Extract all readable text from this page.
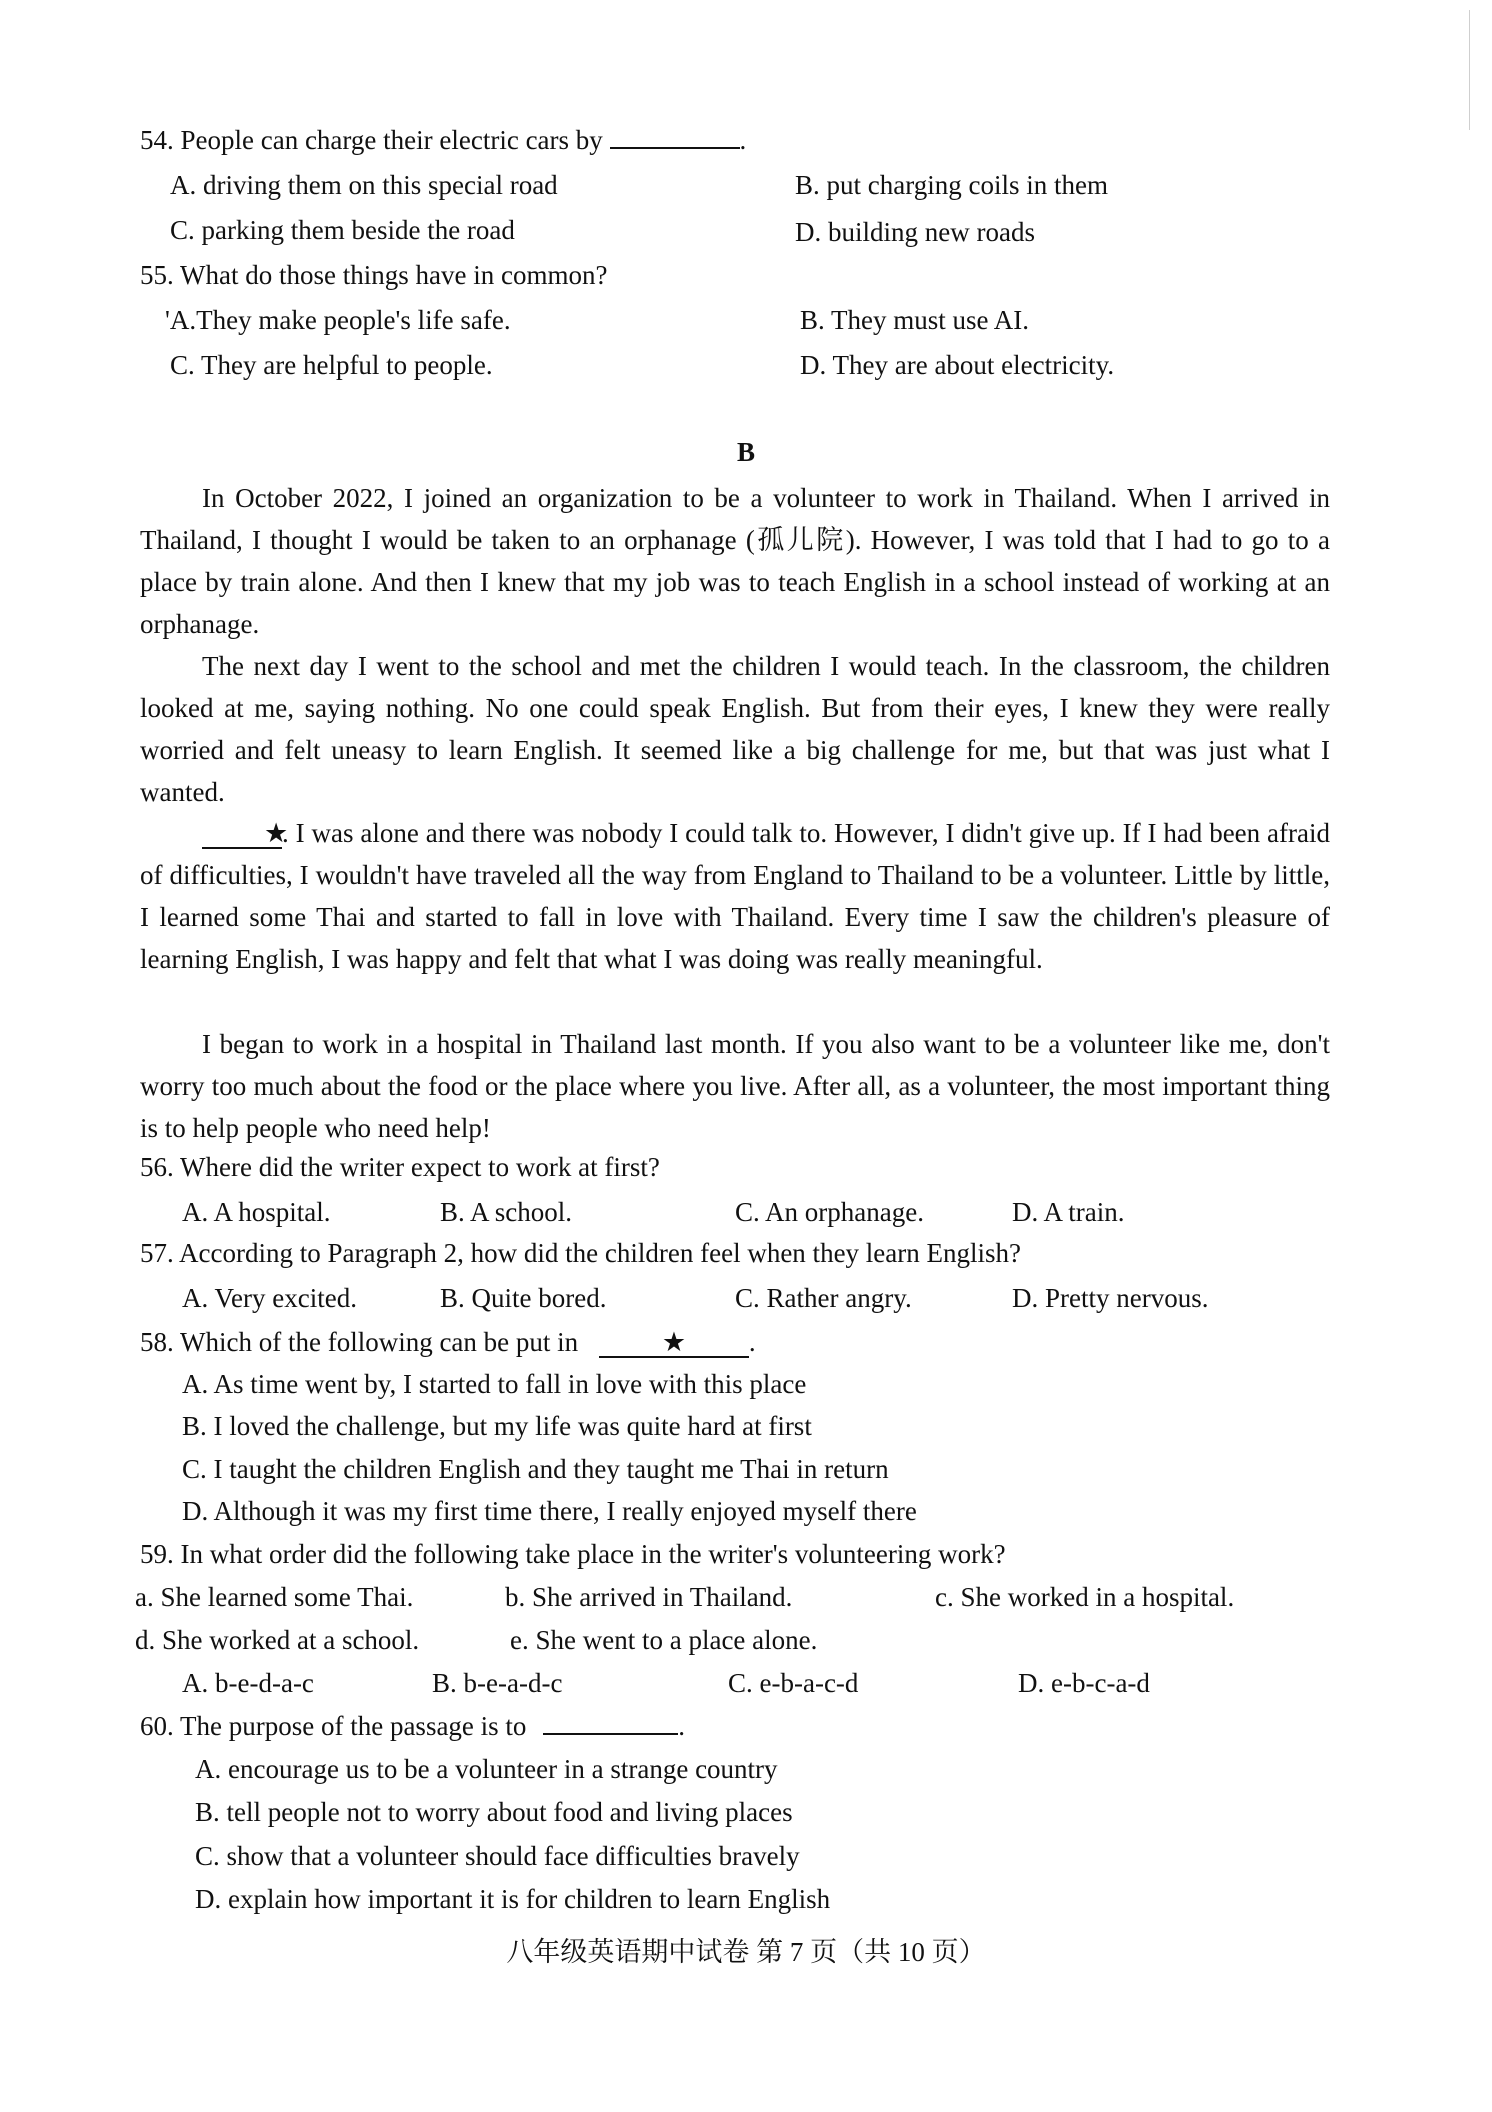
54. People can charge their electric cars by	.
A. driving them on this special road	B. put charging coils in them
C. parking them beside the road	D. building new roads
55. What do those things have in common?
'A.They make people's life safe.	B. They must use AI.
C. They are helpful to people.	D. They are about electricity.
B
In October 2022, I joined an organization to be a volunteer to work in Thailand. When I arrived in Thailand, I thought I would be taken to an orphanage (孤儿院). However, I was told that I had to go to a place by train alone. And then I knew that my job was to teach English in a school instead of working at an orphanage.
The next day I went to the school and met the children I would teach. In the classroom, the children looked at me, saying nothing. No one could speak English. But from their eyes, I knew they were really worried and felt uneasy to learn English. It seemed like a big challenge for me, but that was just what I wanted.
★. I was alone and there was nobody I could talk to. However, I didn't give up. If I had been afraid of difficulties, I wouldn't have traveled all the way from England to Thailand to be a volunteer. Little by little, I learned some Thai and started to fall in love with Thailand. Every time I saw the children's pleasure of learning English, I was happy and felt that what I was doing was really meaningful.
I began to work in a hospital in Thailand last month. If you also want to be a volunteer like me, don't worry too much about the food or the place where you live. After all, as a volunteer, the most important thing is to help people who need help!
56. Where did the writer expect to work at first?
A. A hospital.	B. A school.	C. An orphanage.	D. A train.
57. According to Paragraph 2, how did the children feel when they learn English?
A. Very excited.	B. Quite bored.	C. Rather angry.	D. Pretty nervous.
58. Which of the following can be put in	★ .
A. As time went by, I started to fall in love with this place
B. I loved the challenge, but my life was quite hard at first
C. I taught the children English and they taught me Thai in return
D. Although it was my first time there, I really enjoyed myself there
59. In what order did the following take place in the writer's volunteering work?
a. She learned some Thai.	b. She arrived in Thailand.	c. She worked in a hospital.
d. She worked at a school.	e. She went to a place alone.
A. b-e-d-a-c	B. b-e-a-d-c	C. e-b-a-c-d	D. e-b-c-a-d
60. The purpose of the passage is to	.
A. encourage us to be a volunteer in a strange country
B. tell people not to worry about food and living places
C. show that a volunteer should face difficulties bravely
D. explain how important it is for children to learn English
八年级英语期中试卷 第 7 页（共 10 页）
